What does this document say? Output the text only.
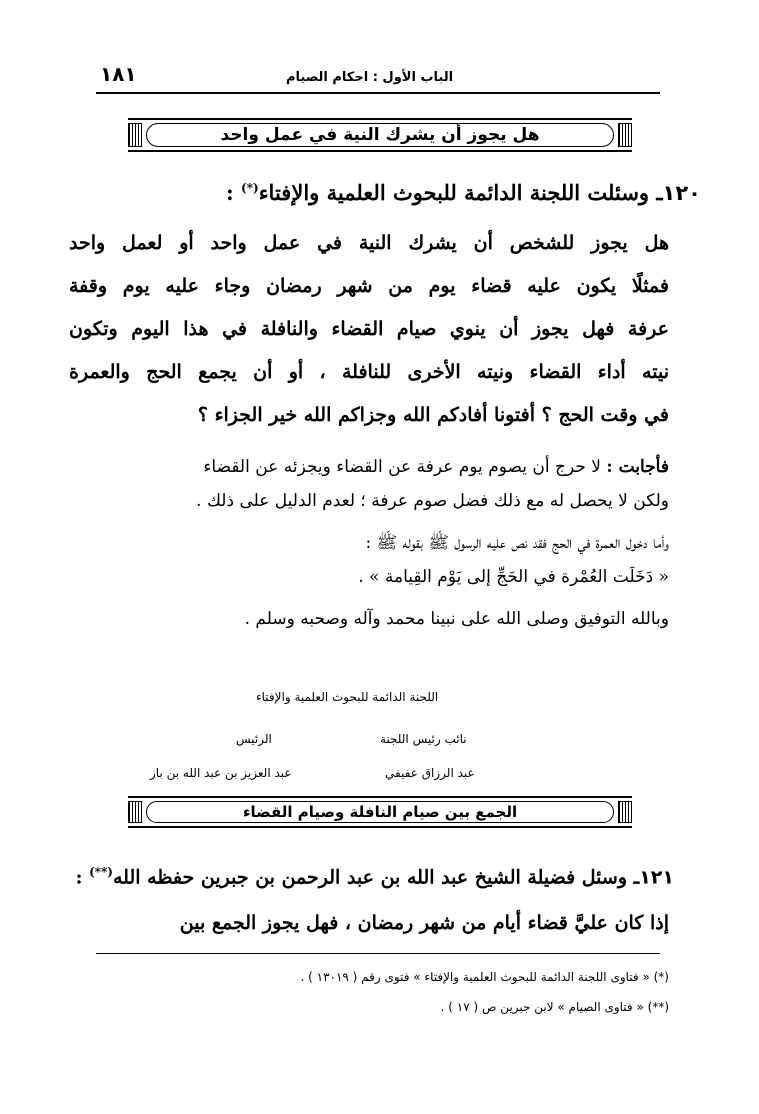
١٨١	الباب الأول : احكام الصيام
هل يجوز أن يشرك النية في عمل واحد
١٢٠ـ وسئلت اللجنة الدائمة للبحوث العلمية والإفتاء(*) :

هل يجوز للشخص أن يشرك النية في عمل واحد أو لعمل واحد

فمثلًا يكون عليه قضاء يوم من شهر رمضان وجاء عليه يوم وقفة

عرفة فهل يجوز أن ينوي صيام القضاء والنافلة في هذا اليوم وتكون

نيته أداء القضاء ونيته الأخرى للنافلة ، أو أن يجمع الحج والعمرة

في وقت الحج ؟ أفتونا أفادكم الله وجزاكم الله خير الجزاء ؟

فأجابت : لا حرج أن يصوم يوم عرفة عن القضاء ويجزئه عن القضاء

ولكن لا يحصل له مع ذلك فضل صوم عرفة ؛ لعدم الدليل على ذلك .

وأما دخول العمرة في الحج فقد نص عليه الرسول ﷺ بقوله ﷺ :

« دَخَلَت العُمْرة في الحَجِّ إلى يَوْم القِيامة » .

وبالله التوفيق وصلى الله على نبينا محمد وآله وصحبه وسلم .

اللجنة الدائمة للبحوث العلمية والإفتاء
نائب رئيس اللجنة
الرئيس
عبد الرزاق عفيفي
عبد العزيز بن عبد الله بن باز
الجمع بين صيام النافلة وصيام القضاء
١٢١ـ وسئل فضيلة الشيخ عبد الله بن عبد الرحمن بن جبرين حفظه الله(**) :
إذا كان عليَّ قضاء أيام من شهر رمضان ، فهل يجوز الجمع بين

(*) « فتاوى اللجنة الدائمة للبحوث العلمية والإفتاء » فتوى رقم ( ١٣٠١٩ ) .

(**) « فتاوى الصيام » لابن جبرين ص ( ١٧ ) .
